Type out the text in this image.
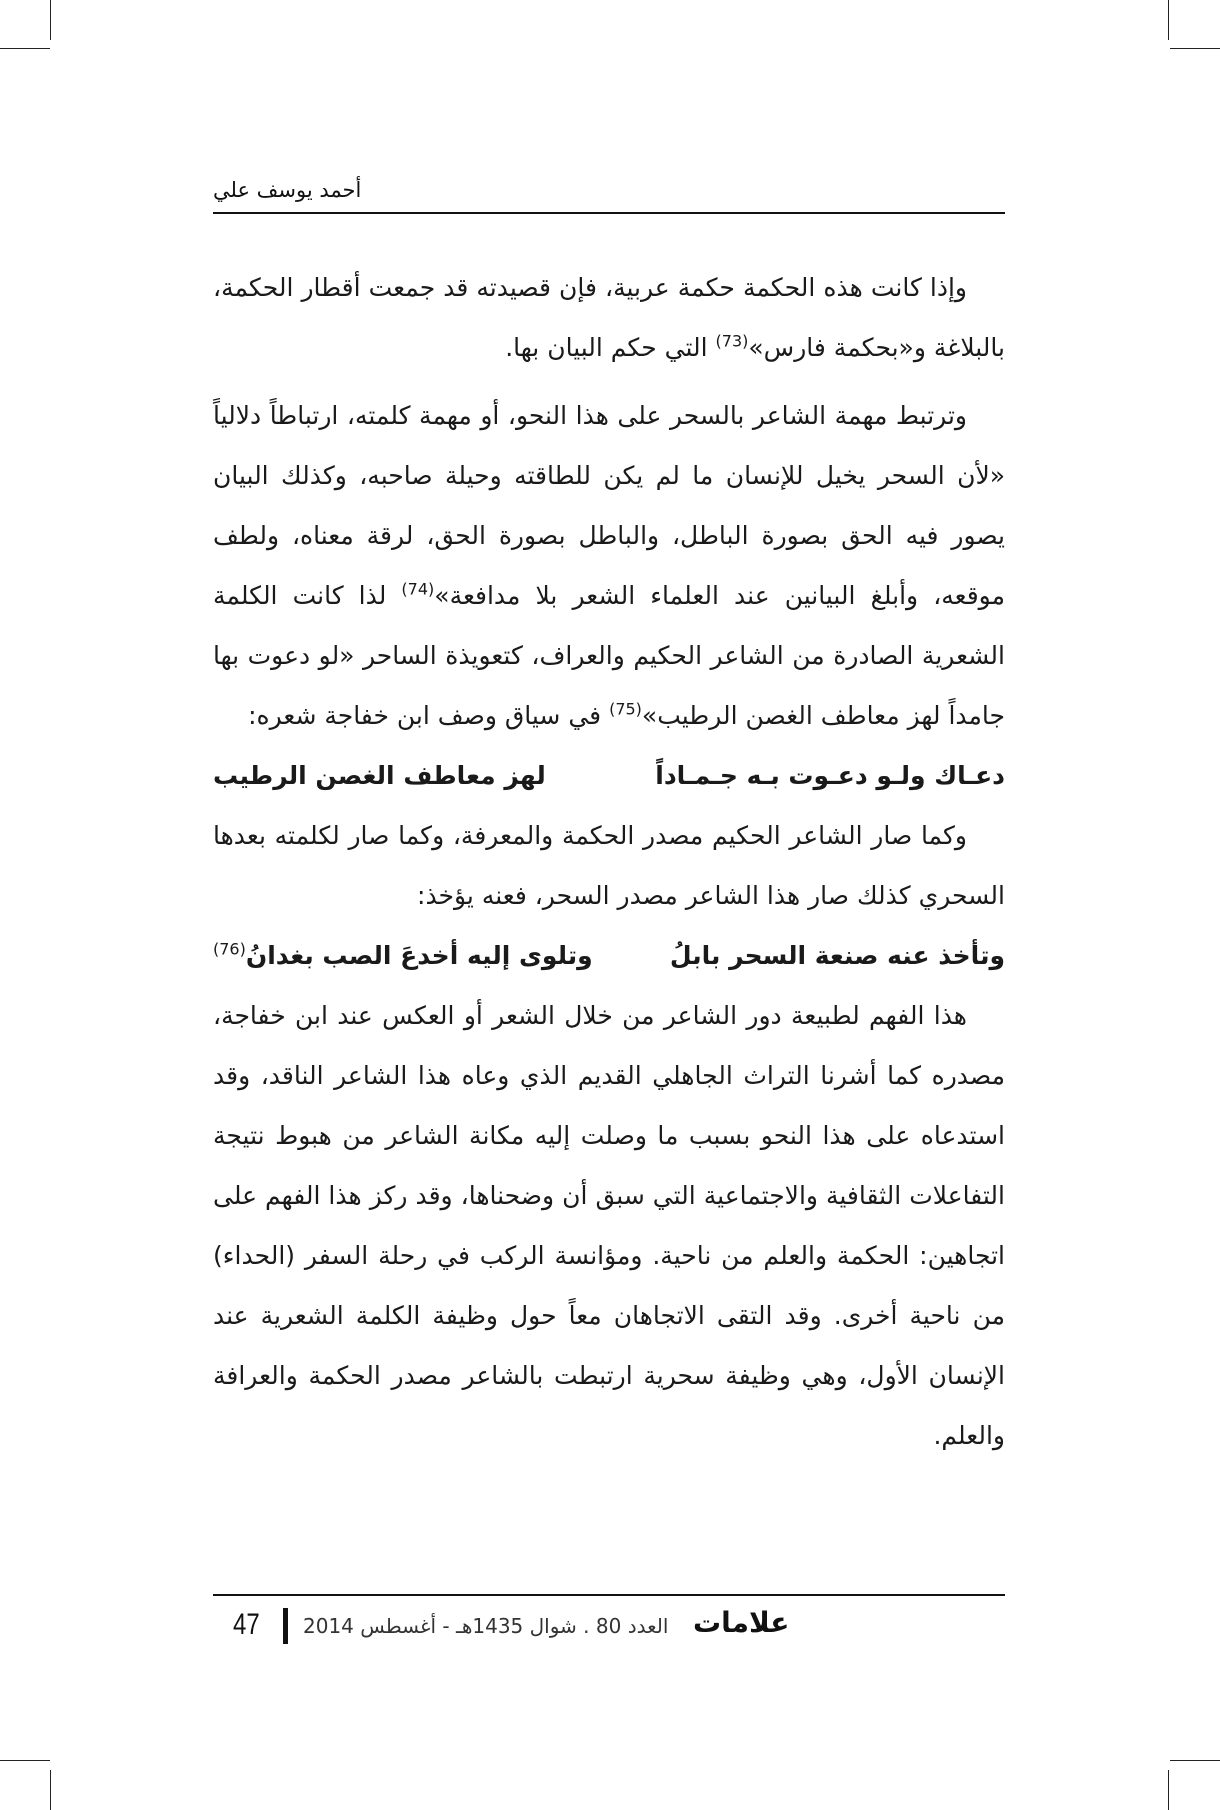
أحمد يوسف علي

وإذا كانت هذه الحكمة حكمة عربية، فإن قصيدته قد جمعت أقطار الحكمة، بالبلاغة و«بحكمة فارس»$^{(73)}$ التي حكم البيان بها.

وترتبط مهمة الشاعر بالسحر على هذا النحو، أو مهمة كلمته، ارتباطاً دلالياً «لأن السحر يخيل للإنسان ما لم يكن للطاقته وحيلة صاحبه، وكذلك البيان يصور فيه الحق بصورة الباطل، والباطل بصورة الحق، لرقة معناه، ولطف موقعه، وأبلغ البيانين عند العلماء الشعر بلا مدافعة»$^{(74)}$ لذا كانت الكلمة الشعرية الصادرة من الشاعر الحكيم والعراف، كتعويذة الساحر «لو دعوت بها جامداً لهز معاطف الغصن الرطيب»$^{(75)}$ في سياق وصف ابن خفاجة شعره:

دعـاك ولـو دعـوت بـه جـمـاداً
لهز معاطف الغصن الرطيب

وكما صار الشاعر الحكيم مصدر الحكمة والمعرفة، وكما صار لكلمته بعدها السحري كذلك صار هذا الشاعر مصدر السحر، فعنه يؤخذ:

وتأخذ عنه صنعة السحر بابلُ
وتلوى إليه أخدعَ الصب بغدانُ$^{(76)}$

هذا الفهم لطبيعة دور الشاعر من خلال الشعر أو العكس عند ابن خفاجة، مصدره كما أشرنا التراث الجاهلي القديم الذي وعاه هذا الشاعر الناقد، وقد استدعاه على هذا النحو بسبب ما وصلت إليه مكانة الشاعر من هبوط نتيجة التفاعلات الثقافية والاجتماعية التي سبق أن وضحناها، وقد ركز هذا الفهم على اتجاهين: الحكمة والعلم من ناحية. ومؤانسة الركب في رحلة السفر (الحداء) من ناحية أخرى. وقد التقى الاتجاهان معاً حول وظيفة الكلمة الشعرية عند الإنسان الأول، وهي وظيفة سحرية ارتبطت بالشاعر مصدر الحكمة والعرافة والعلم.

47 العدد 80 . شوال 1435هـ - أغسطس 2014 علامات
